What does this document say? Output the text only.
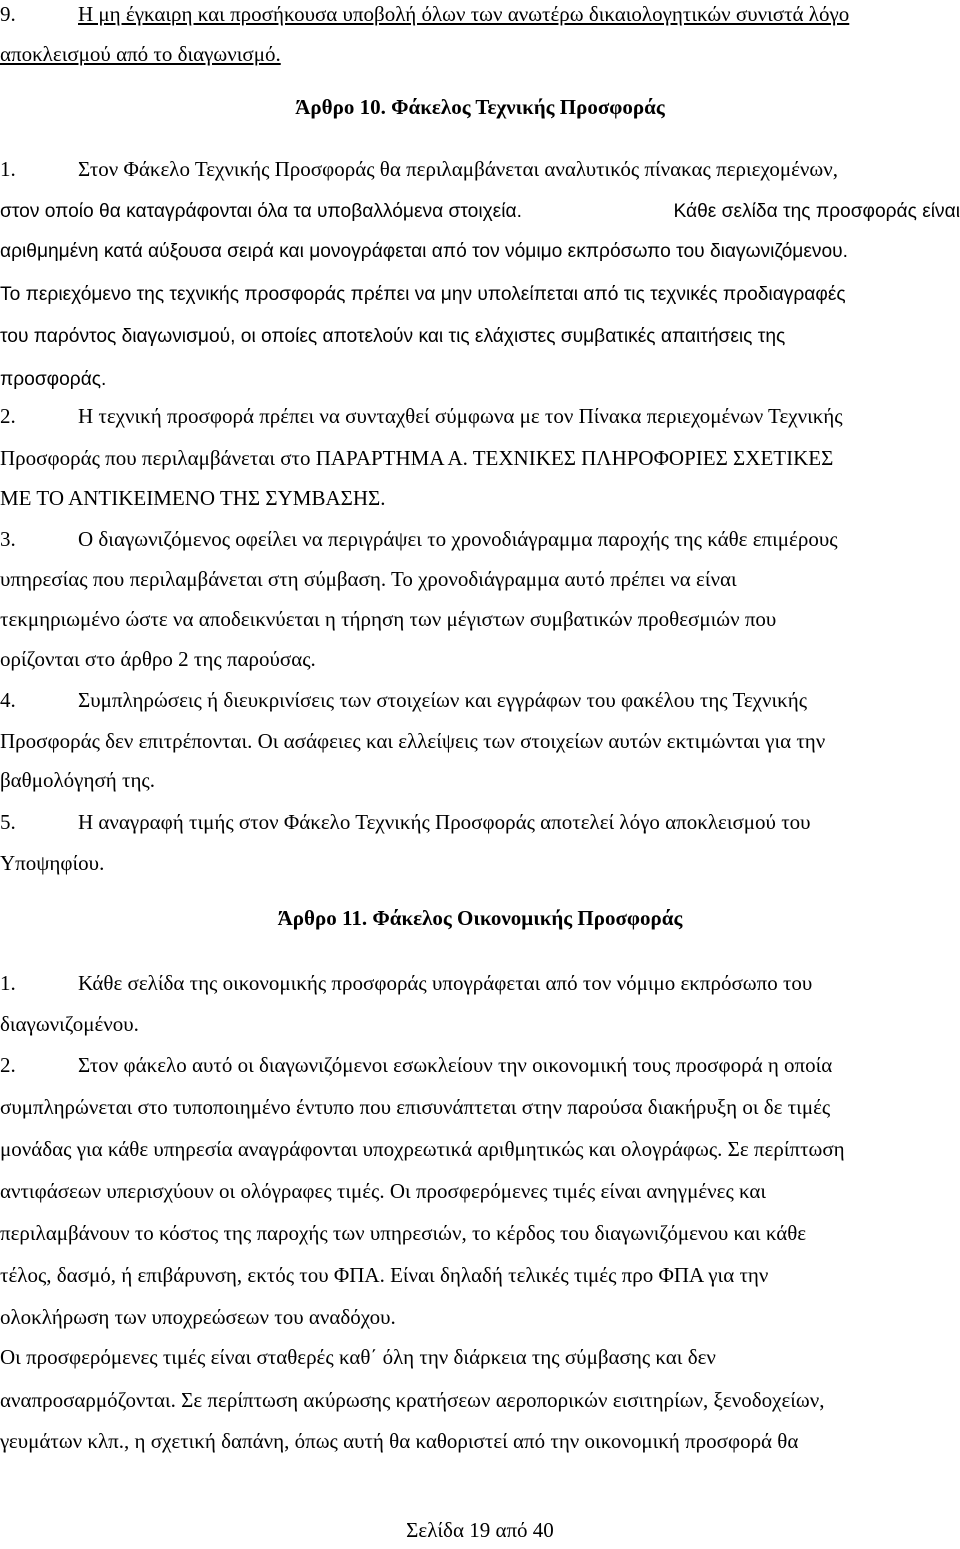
9.	Η μη έγκαιρη και προσήκουσα υποβολή όλων των ανωτέρω δικαιολογητικών συνιστά λόγο
αποκλεισμού από το διαγωνισμό.
Άρθρο 10. Φάκελος Τεχνικής Προσφοράς
1.	Στον Φάκελο Τεχνικής Προσφοράς θα περιλαμβάνεται αναλυτικός πίνακας περιεχομένων,
στον οποίο θα καταγράφονται όλα τα υποβαλλόμενα στοιχεία.	Κάθε σελίδα της προσφοράς είναι
αριθμημένη κατά αύξουσα σειρά και μονογράφεται από τον νόμιμο εκπρόσωπο του διαγωνιζόμενου.
Το περιεχόμενο της τεχνικής προσφοράς πρέπει να μην υπολείπεται από τις τεχνικές προδιαγραφές
του παρόντος διαγωνισμού, οι οποίες αποτελούν και τις ελάχιστες συμβατικές απαιτήσεις της
προσφοράς.
2.	Η τεχνική προσφορά πρέπει να συνταχθεί σύμφωνα με τον Πίνακα περιεχομένων Τεχνικής
Προσφοράς που περιλαμβάνεται στο ΠΑΡΑΡΤΗΜΑ Α. ΤΕΧΝΙΚΕΣ ΠΛΗΡΟΦΟΡΙΕΣ ΣΧΕΤΙΚΕΣ
ΜΕ ΤΟ ΑΝΤΙΚΕΙΜΕΝΟ ΤΗΣ ΣΥΜΒΑΣΗΣ.
3.	Ο διαγωνιζόμενος οφείλει να περιγράψει το χρονοδιάγραμμα παροχής της κάθε επιμέρους
υπηρεσίας που περιλαμβάνεται στη σύμβαση. Το χρονοδιάγραμμα αυτό πρέπει να είναι
τεκμηριωμένο ώστε να αποδεικνύεται η τήρηση των μέγιστων συμβατικών προθεσμιών που
ορίζονται στο άρθρο 2 της παρούσας.
4.	Συμπληρώσεις ή διευκρινίσεις των στοιχείων και εγγράφων του φακέλου της Τεχνικής
Προσφοράς δεν επιτρέπονται. Οι ασάφειες και ελλείψεις των στοιχείων αυτών εκτιμώνται για την
βαθμολόγησή της.
5.	Η αναγραφή τιμής στον Φάκελο Τεχνικής Προσφοράς αποτελεί λόγο αποκλεισμού του
Υποψηφίου.
Άρθρο 11. Φάκελος Οικονομικής Προσφοράς
1.	Κάθε σελίδα της οικονομικής προσφοράς υπογράφεται από τον νόμιμο εκπρόσωπο του
διαγωνιζομένου.
2.	Στον φάκελο αυτό οι διαγωνιζόμενοι εσωκλείουν την οικονομική τους προσφορά η οποία
συμπληρώνεται στο τυποποιημένο έντυπο που επισυνάπτεται στην παρούσα διακήρυξη οι δε τιμές
μονάδας για κάθε υπηρεσία αναγράφονται υποχρεωτικά αριθμητικώς και ολογράφως. Σε περίπτωση
αντιφάσεων υπερισχύουν οι ολόγραφες τιμές. Οι προσφερόμενες τιμές είναι ανηγμένες και
περιλαμβάνουν το κόστος της παροχής των υπηρεσιών, το κέρδος του διαγωνιζόμενου και κάθε
τέλος, δασμό, ή επιβάρυνση, εκτός του ΦΠΑ. Είναι δηλαδή τελικές τιμές προ ΦΠΑ για την
ολοκλήρωση των υποχρεώσεων του αναδόχου.
Οι προσφερόμενες τιμές είναι σταθερές καθ΄ όλη την διάρκεια της σύμβασης και δεν
αναπροσαρμόζονται. Σε περίπτωση ακύρωσης κρατήσεων αεροπορικών εισιτηρίων, ξενοδοχείων,
γευμάτων κλπ., η σχετική δαπάνη, όπως αυτή θα καθοριστεί από την οικονομική προσφορά θα
Σελίδα 19 από 40
